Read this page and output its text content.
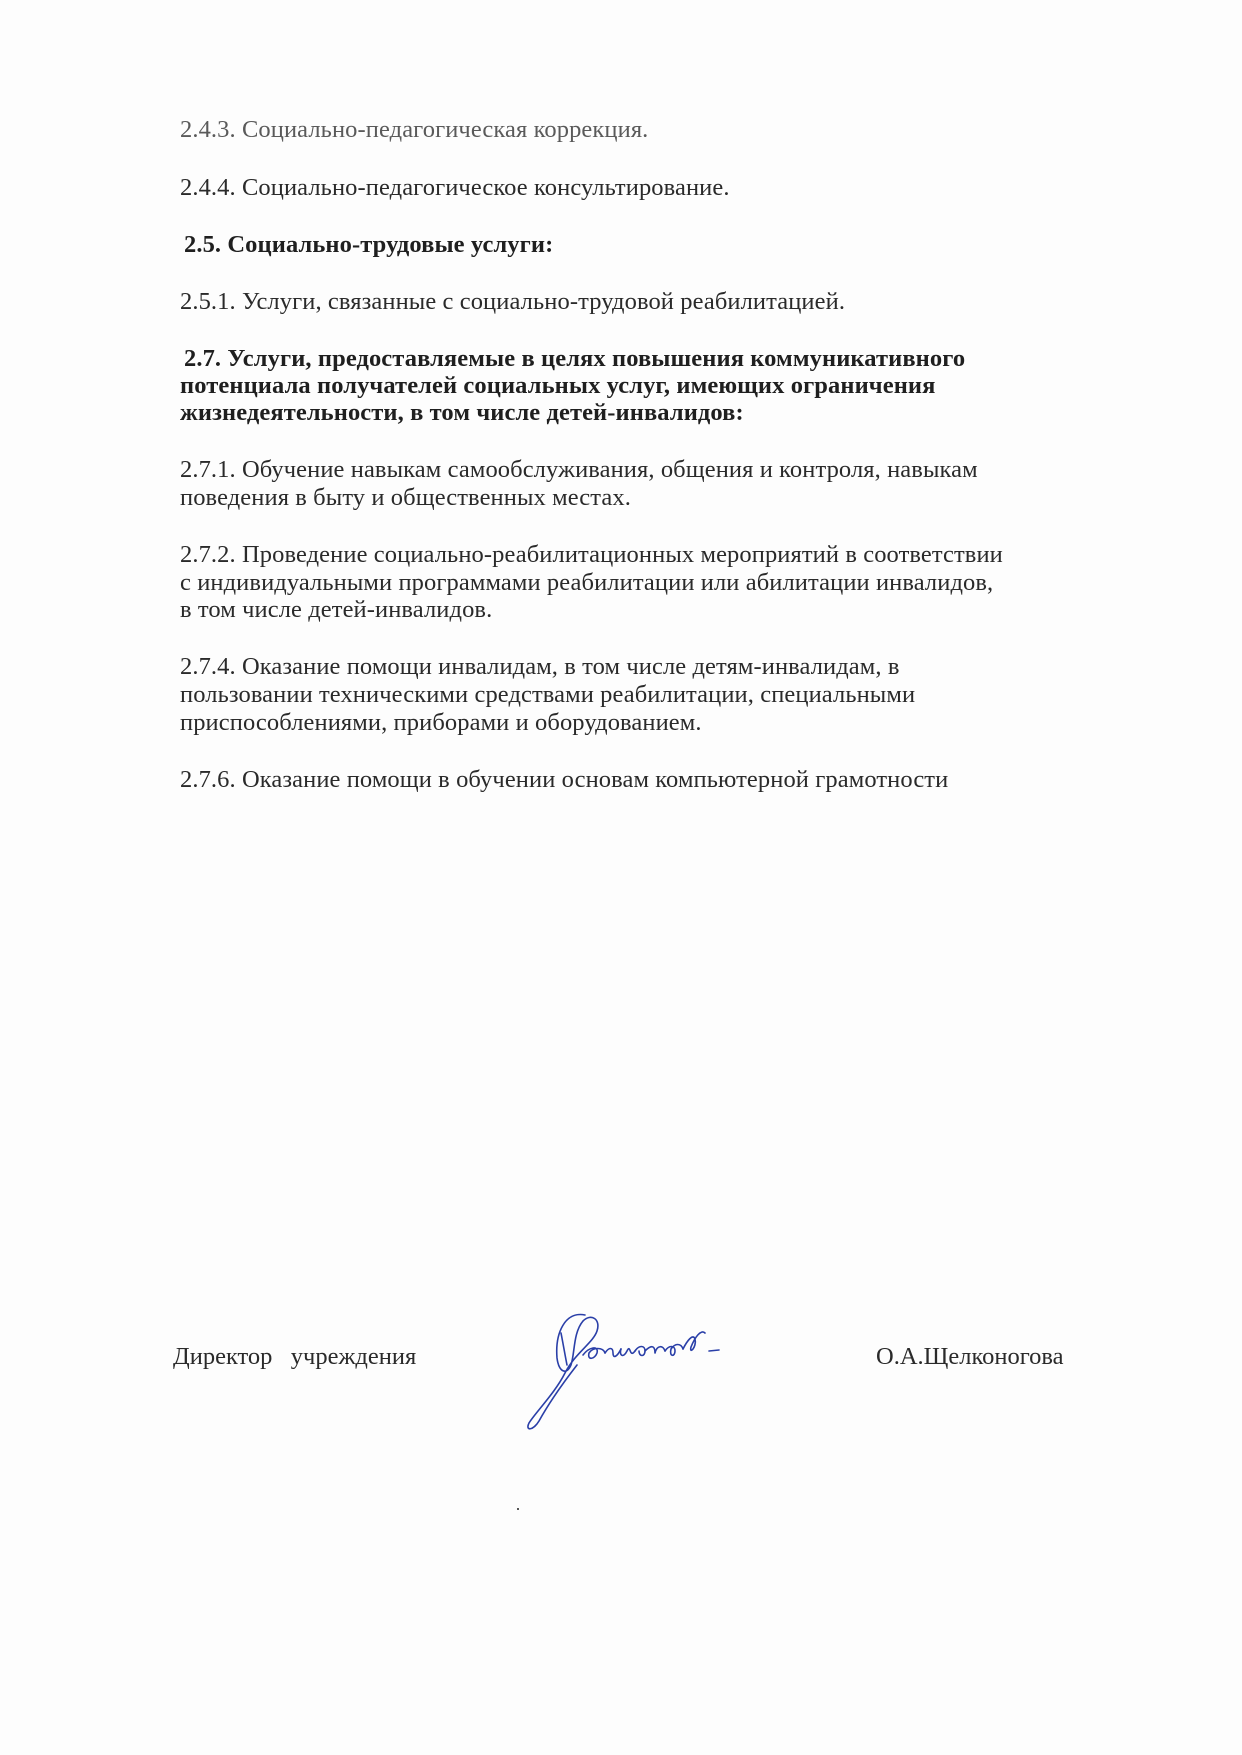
2.4.3. Социально-педагогическая коррекция.
2.4.4. Социально-педагогическое консультирование.
2.5. Социально-трудовые услуги:
2.5.1. Услуги, связанные с социально-трудовой реабилитацией.
2.7. Услуги, предоставляемые в целях повышения коммуникативного
потенциала получателей социальных услуг, имеющих ограничения
жизнедеятельности, в том числе детей-инвалидов:
2.7.1. Обучение навыкам самообслуживания, общения и контроля, навыкам
поведения в быту и общественных местах.
2.7.2. Проведение социально-реабилитационных мероприятий в соответствии
с индивидуальными программами реабилитации или абилитации инвалидов,
в том числе детей-инвалидов.
2.7.4. Оказание помощи инвалидам, в том числе детям-инвалидам, в
пользовании техническими средствами реабилитации, специальными
приспособлениями, приборами и оборудованием.
2.7.6. Оказание помощи в обучении основам компьютерной грамотности
Директор   учреждения	О.А.Щелконогова
